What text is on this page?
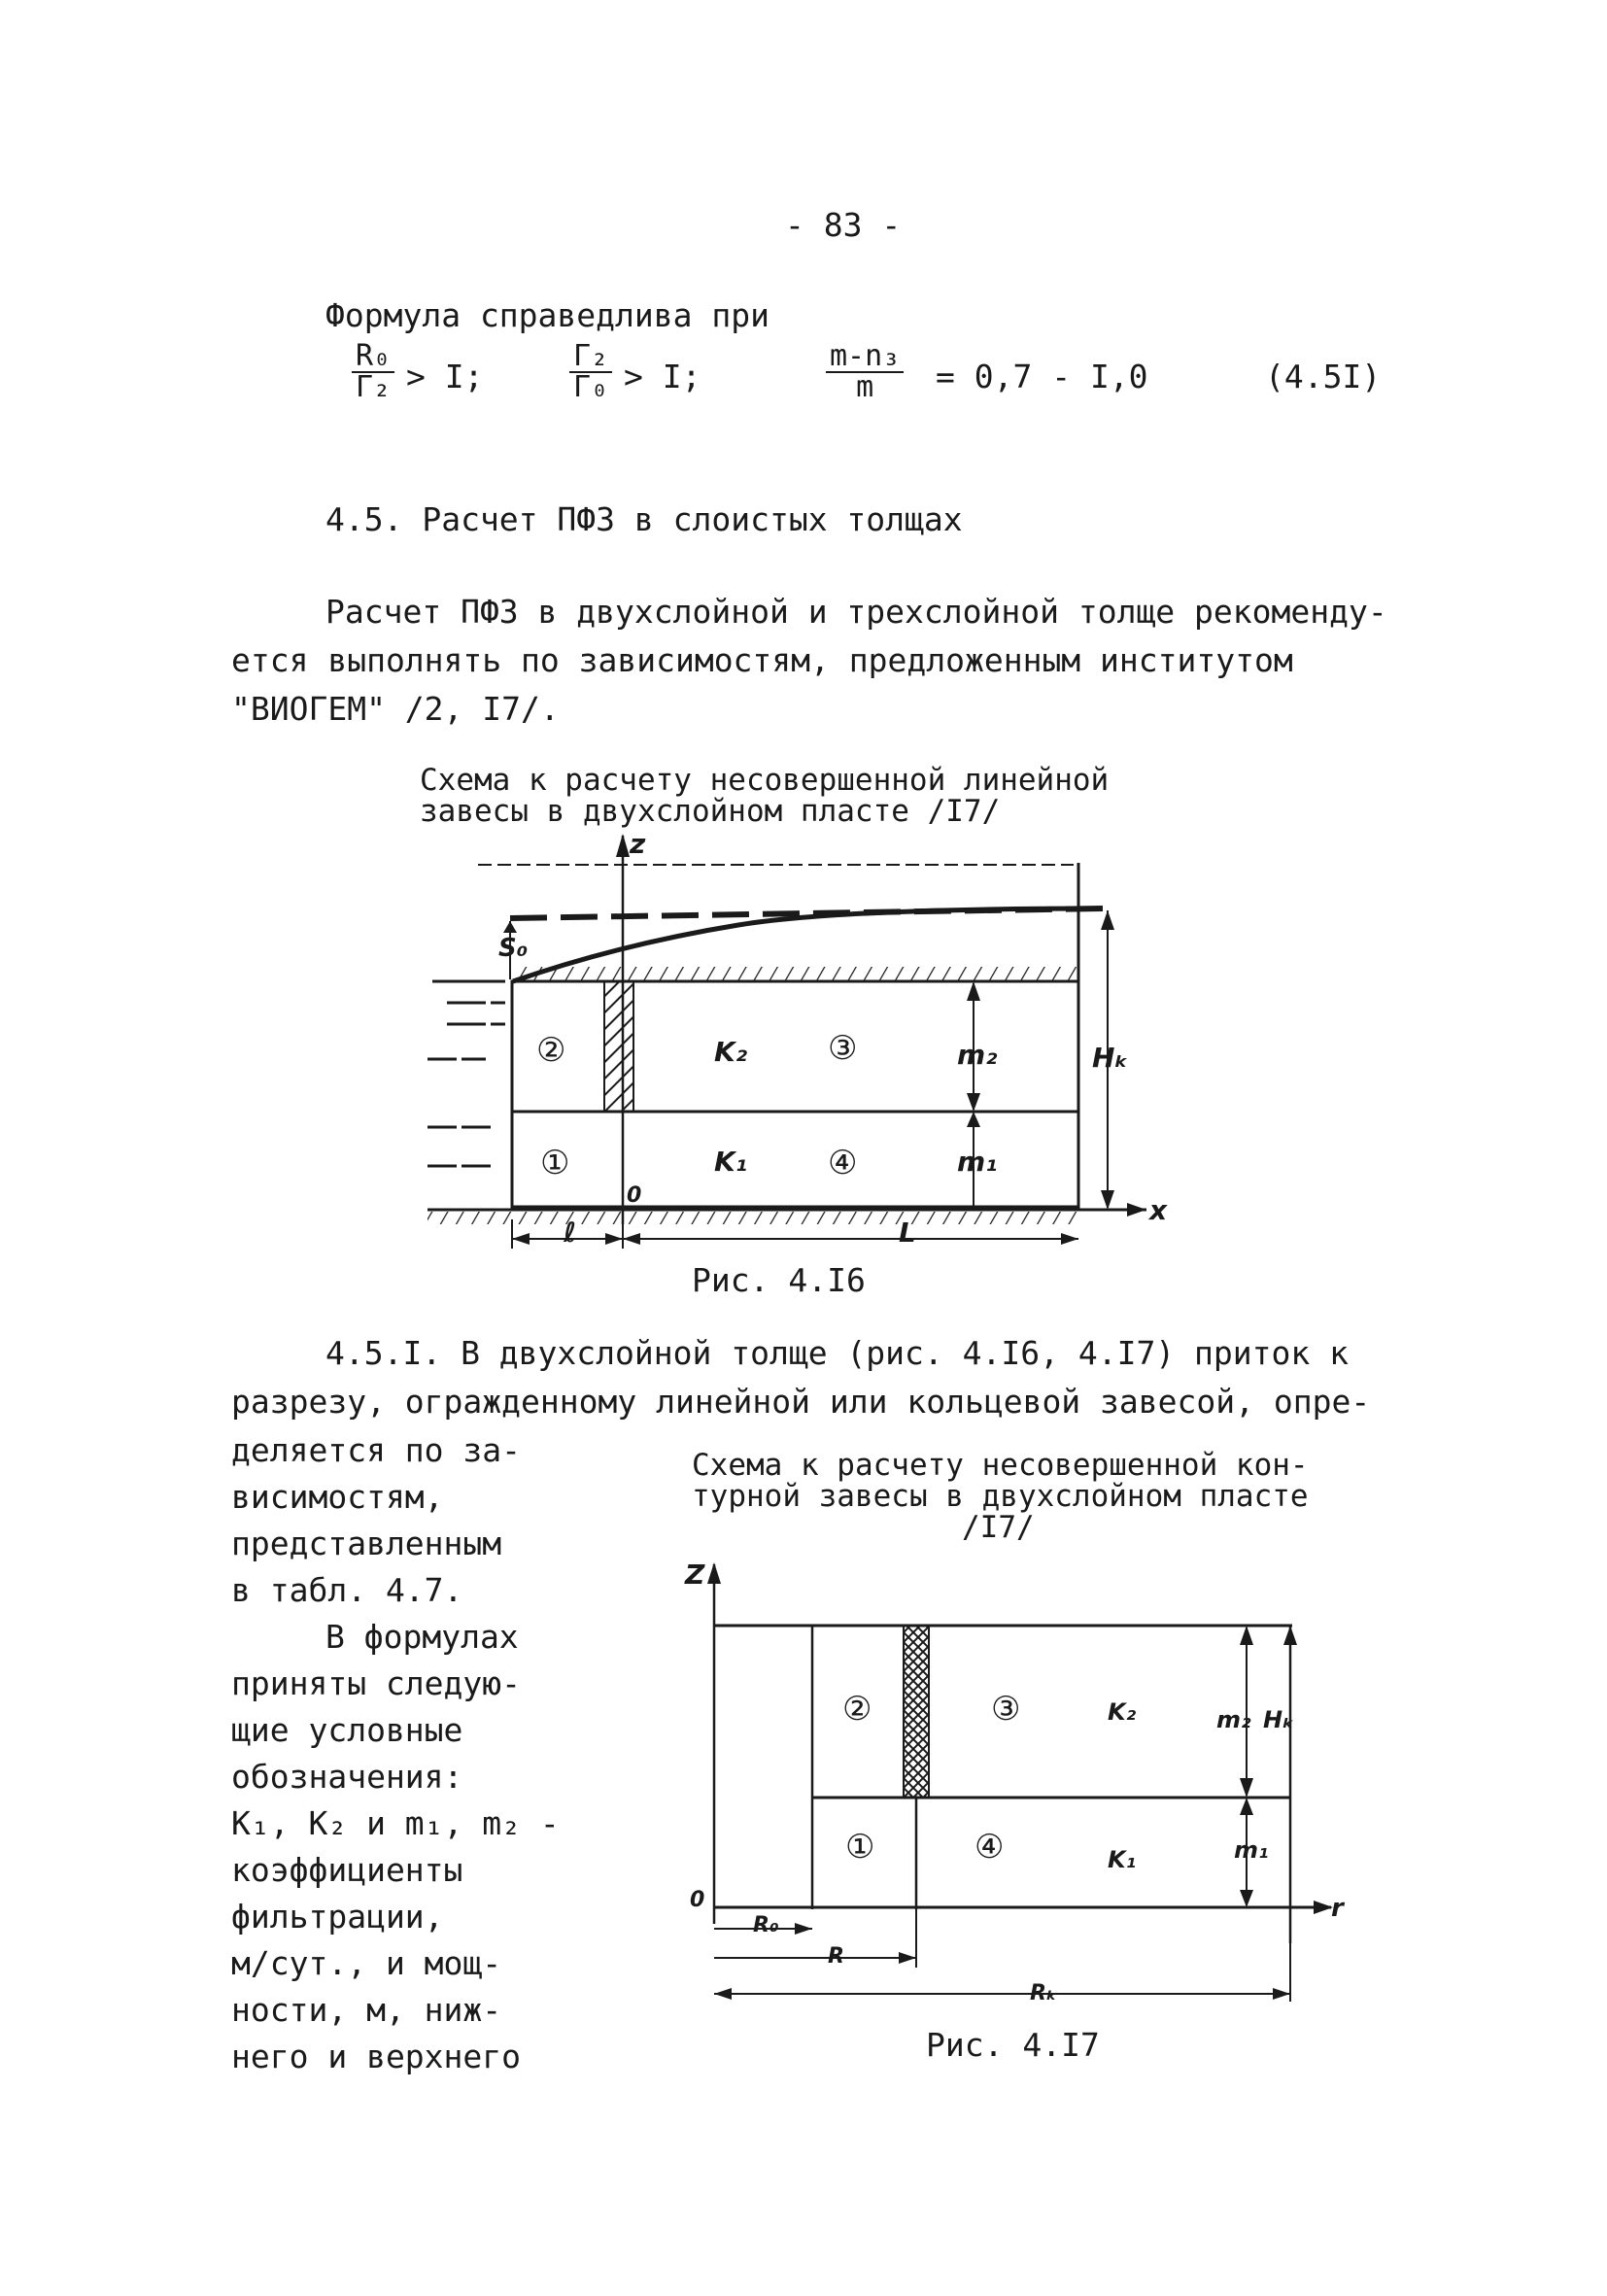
- 83 -
Формула справедлива при
$\frac{\text{R₀}}{\text{Γ₂}} > I$;	$\frac{\text{Γ₂}}{\text{Γ₀}} > I$;	$\frac{\text{m-n₃}}{m} = 0,7 - I,0$	(4.5I)
4.5. Расчет ПФЗ в слоистых толщах
Расчет ПФЗ в двухслойной и трехслойной толще рекоменду-
ется выполнять по зависимостям, предложенным институтом
"ВИОГЕМ" /2, I7/.
Схема к расчету несовершенной линейной
завесы в двухслойном пласте /I7/
z
S₀
②	K₂ ③	m₂	Hₖ
①	K₁ ④	m₁
0	x
ℓ	L
Рис. 4.I6
4.5.I. В двухслойной толще (рис. 4.I6, 4.I7) приток к
разрезу, огражденному линейной или кольцевой завесой, опре-
деляется по за-
висимостям,
представленным
в табл. 4.7.
В формулах
приняты следую-
щие условные
обозначения:
K₁, K₂ и m₁, m₂ -
коэффициенты
фильтрации,
м/сут., и мощ-
ности, м, ниж-
него и верхнего
Схема к расчету несовершенной кон-
турной завесы в двухслойном пласте
/I7/
Z
②	③	K₂	m₂ Hₖ
①	④	K₁	m₁
0	r
R₀
R
Rₖ
Рис. 4.I7
